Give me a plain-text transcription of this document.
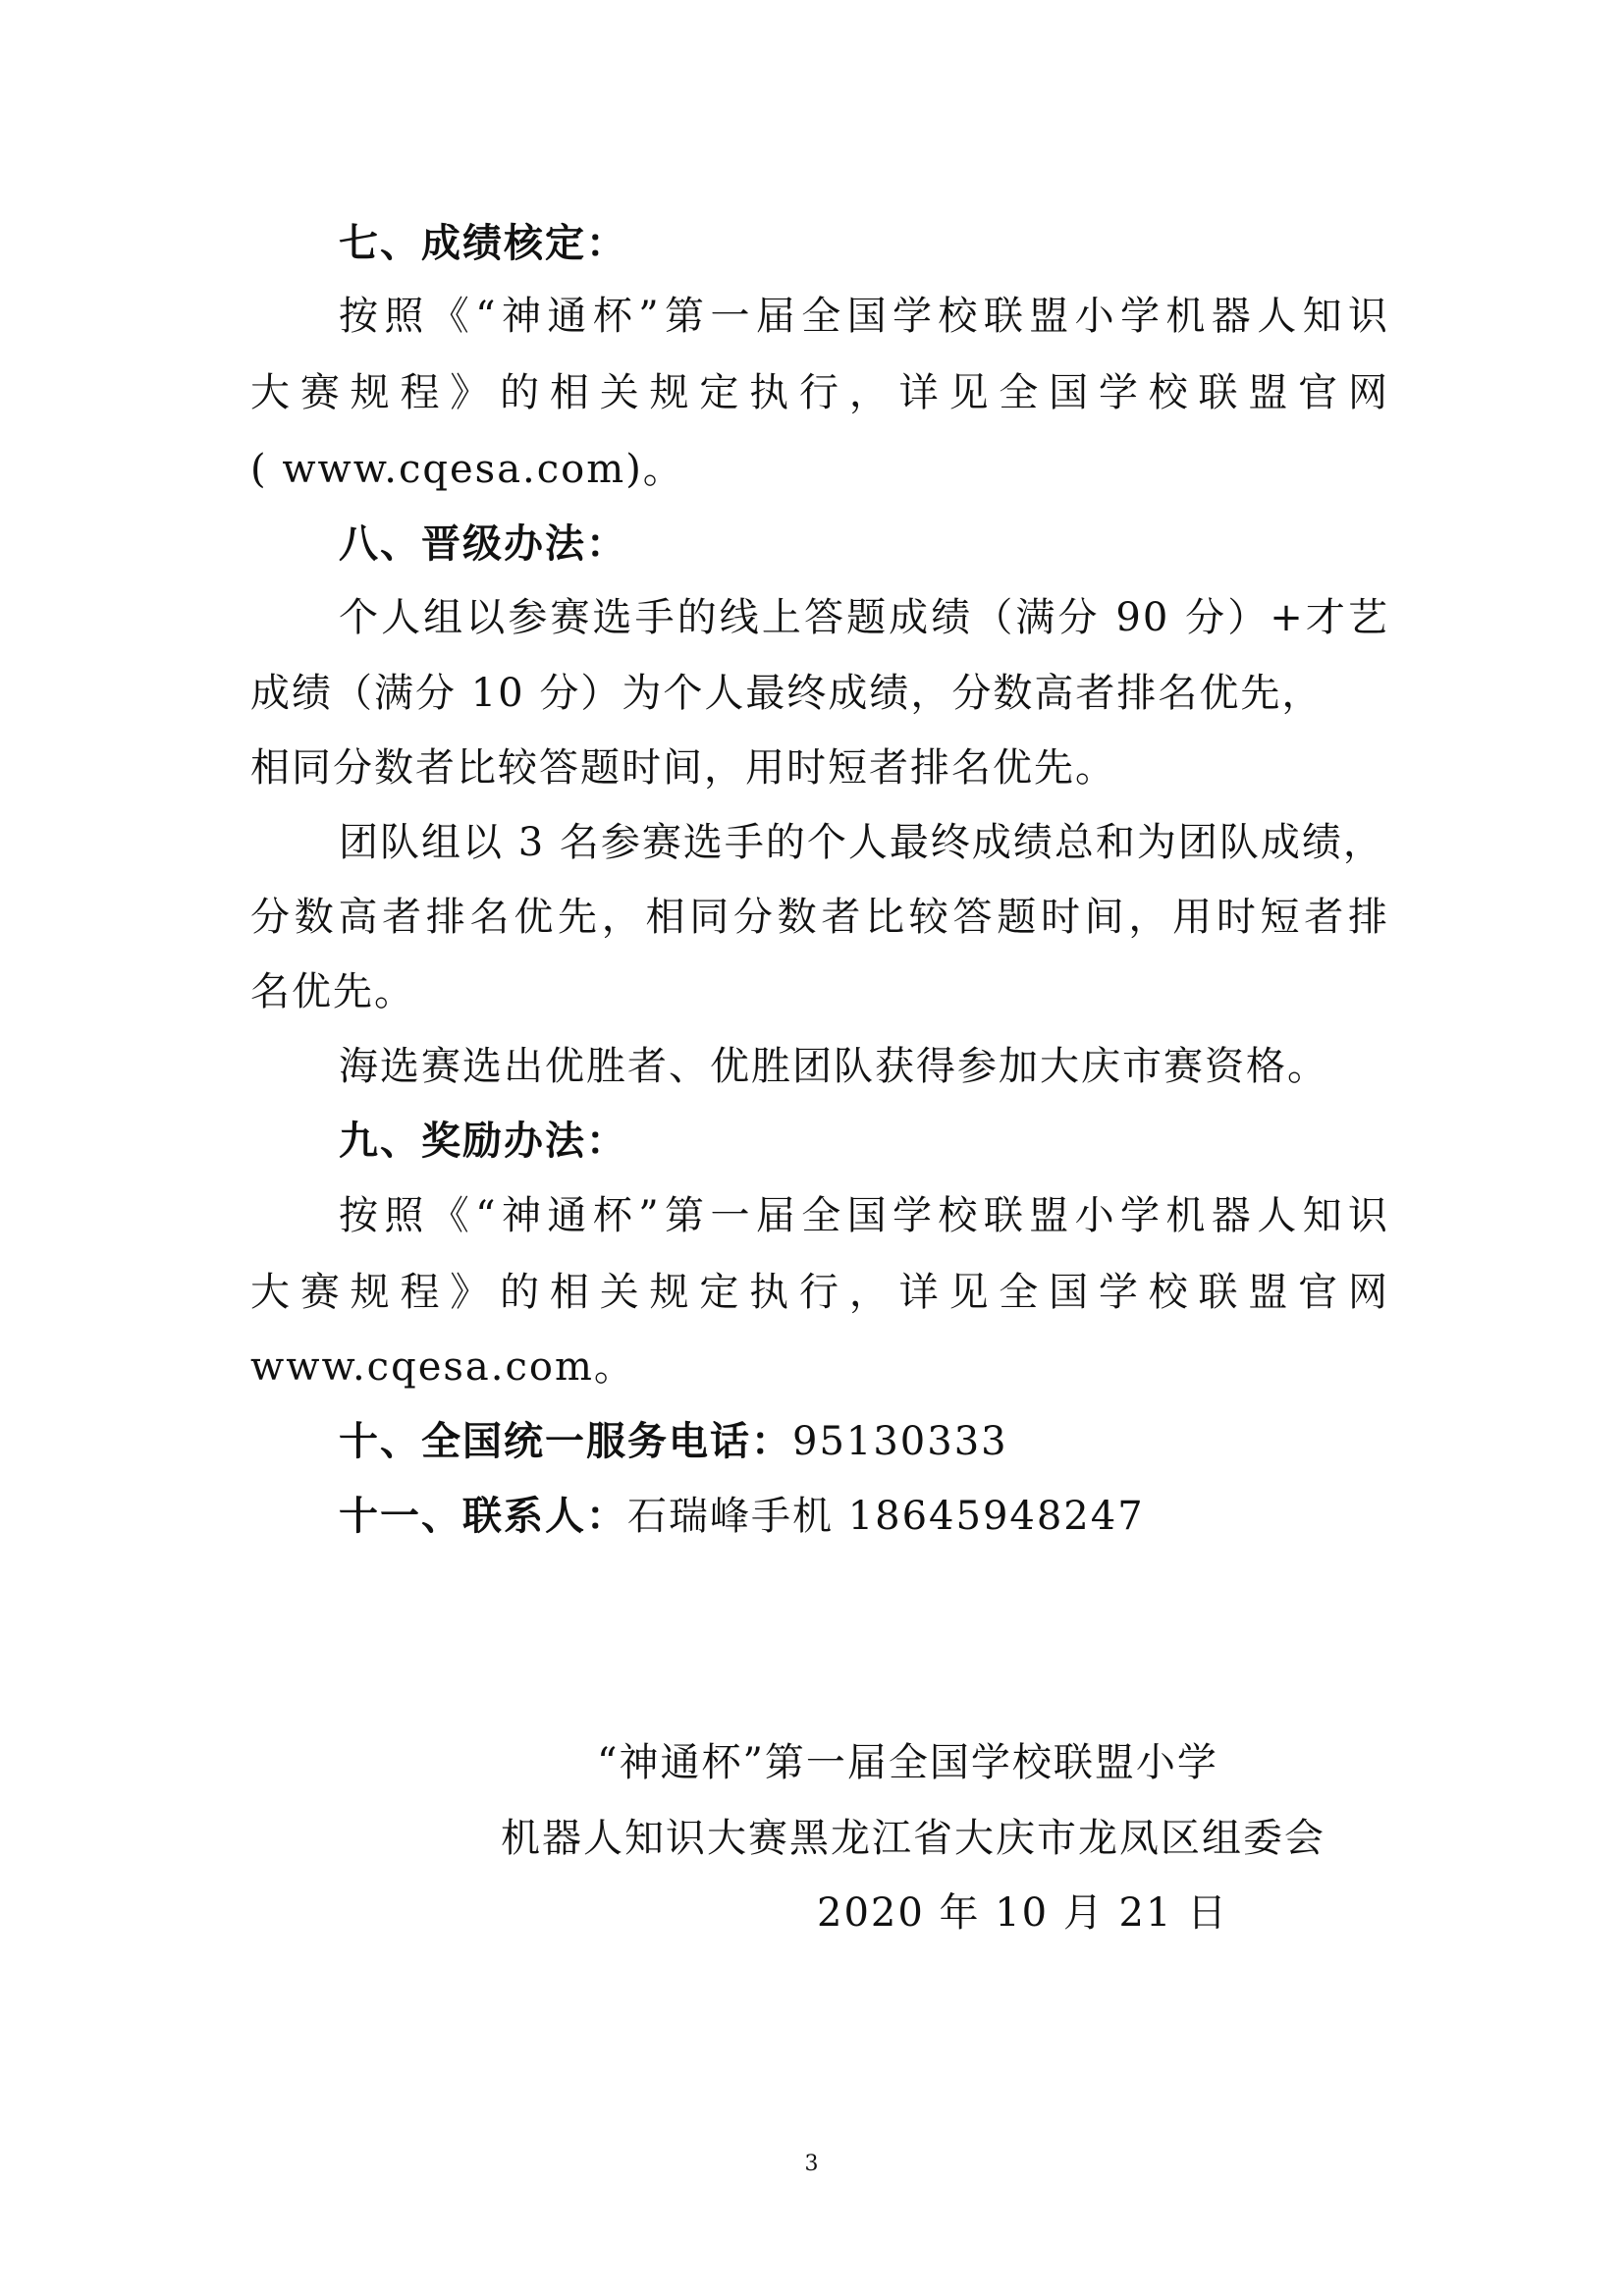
七、成绩核定：
按照《“神通杯”第一届全国学校联盟小学机器人知识
大赛规程》的相关规定执行，详见全国学校联盟官网
( www.cqesa.com)。
八、晋级办法：
个人组以参赛选手的线上答题成绩（满分 90 分）+才艺
成绩（满分 10 分）为个人最终成绩，分数高者排名优先，
相同分数者比较答题时间，用时短者排名优先。
团队组以 3 名参赛选手的个人最终成绩总和为团队成绩，
分数高者排名优先，相同分数者比较答题时间，用时短者排
名优先。
海选赛选出优胜者、优胜团队获得参加大庆市赛资格。
九、奖励办法：
按照《“神通杯”第一届全国学校联盟小学机器人知识
大赛规程》的相关规定执行，详见全国学校联盟官网
www.cqesa.com。
十、全国统一服务电话：95130333
十一、联系人：石瑞峰手机 18645948247
“神通杯”第一届全国学校联盟小学
机器人知识大赛黑龙江省大庆市龙凤区组委会
2020 年 10 月 21 日
3
